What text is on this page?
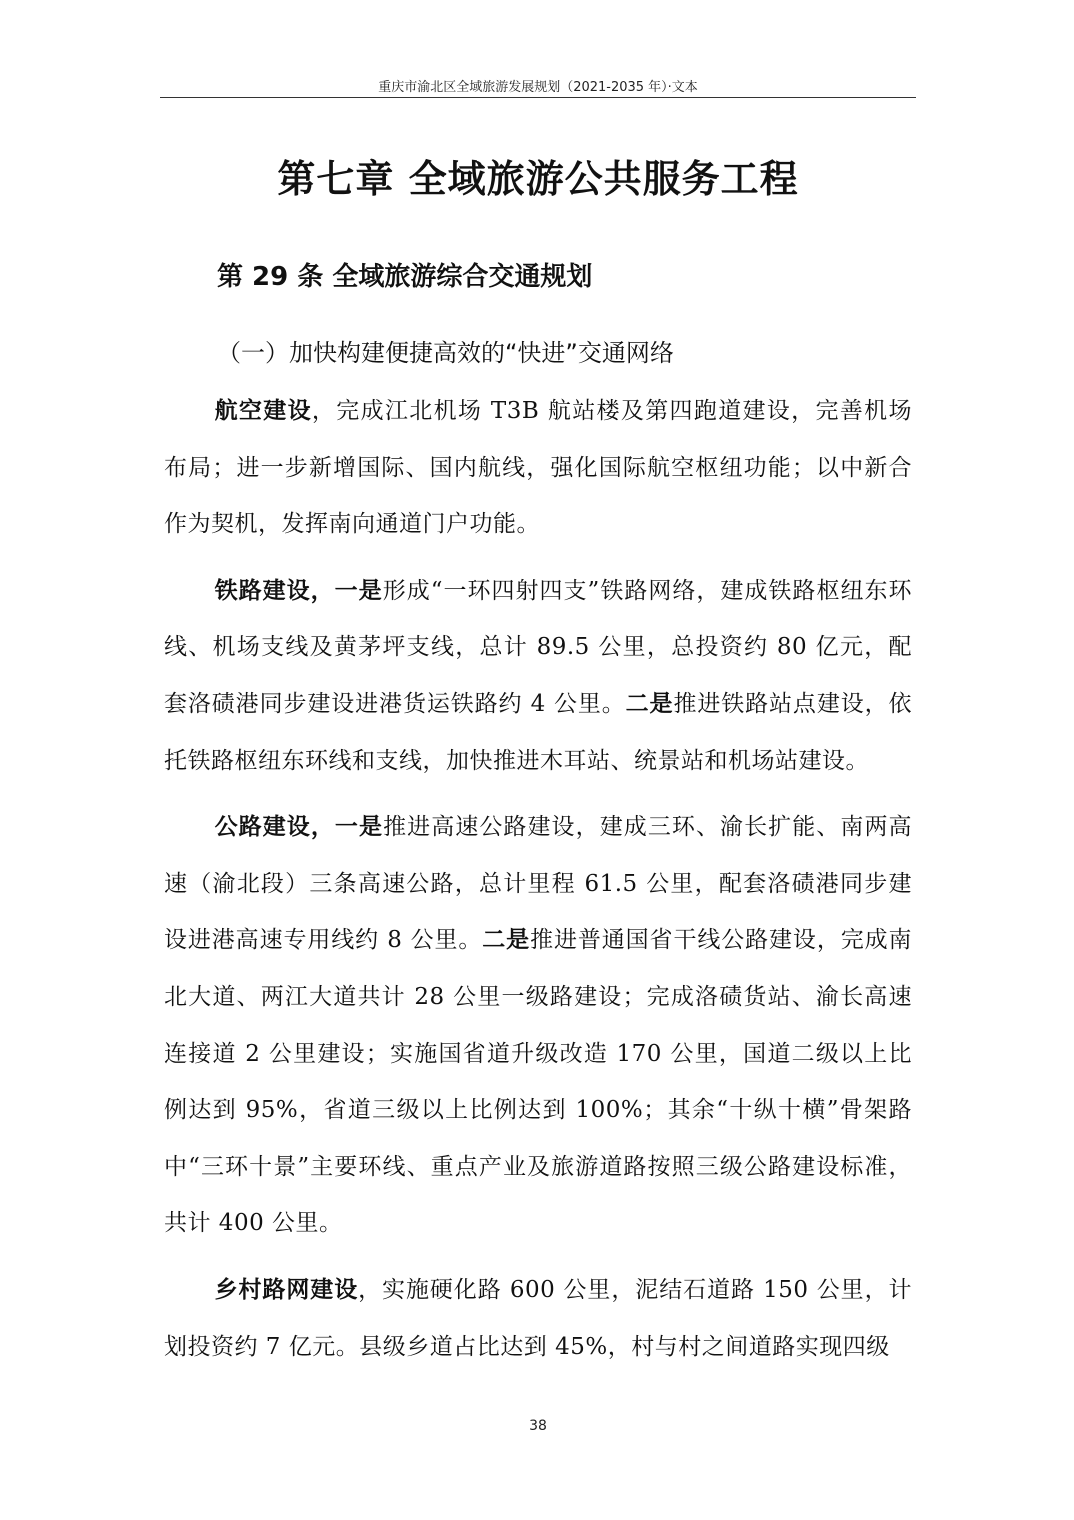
重庆市渝北区全域旅游发展规划（2021-2035 年）·文本
第七章 全域旅游公共服务工程
第 29 条 全域旅游综合交通规划
（一）加快构建便捷高效的“快进”交通网络

航空建设，完成江北机场 T3B 航站楼及第四跑道建设，完善机场布局；进一步新增国际、国内航线，强化国际航空枢纽功能；以中新合作为契机，发挥南向通道门户功能。

铁路建设，一是形成“一环四射四支”铁路网络，建成铁路枢纽东环线、机场支线及黄茅坪支线，总计 89.5 公里，总投资约 80 亿元，配套洛碛港同步建设进港货运铁路约 4 公里。二是推进铁路站点建设，依托铁路枢纽东环线和支线，加快推进木耳站、统景站和机场站建设。

公路建设，一是推进高速公路建设，建成三环、渝长扩能、南两高速（渝北段）三条高速公路，总计里程 61.5 公里，配套洛碛港同步建设进港高速专用线约 8 公里。二是推进普通国省干线公路建设，完成南北大道、两江大道共计 28 公里一级路建设；完成洛碛货站、渝长高速连接道 2 公里建设；实施国省道升级改造 170 公里，国道二级以上比例达到 95%，省道三级以上比例达到 100%；其余“十纵十横”骨架路中“三环十景”主要环线、重点产业及旅游道路按照三级公路建设标准，共计 400 公里。

乡村路网建设，实施硬化路 600 公里，泥结石道路 150 公里，计划投资约 7 亿元。县级乡道占比达到 45%，村与村之间道路实现四级

38
